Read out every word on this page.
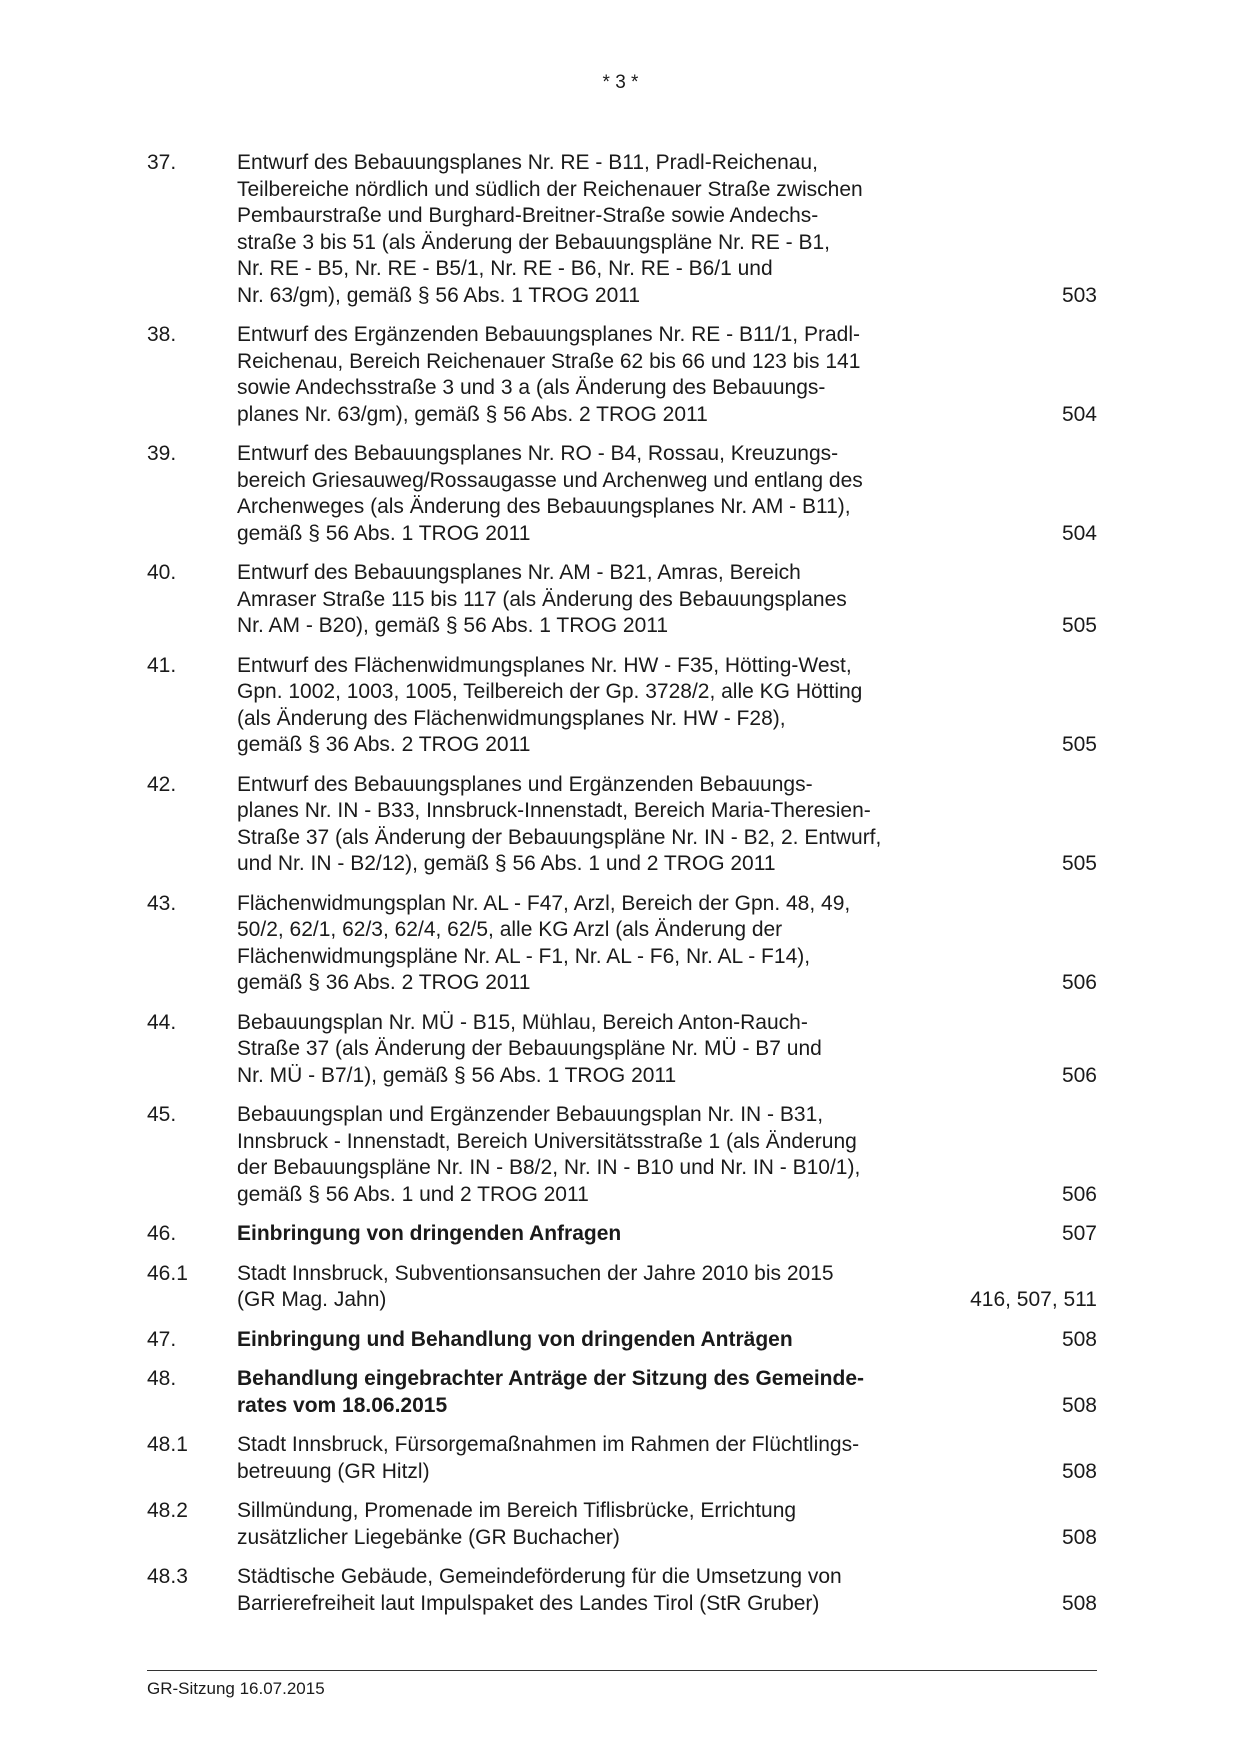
* 3 *
37.	Entwurf des Bebauungsplanes Nr. RE - B11, Pradl-Reichenau,
Teilbereiche nördlich und südlich der Reichenauer Straße zwischen
Pembaurstraße und Burghard-Breitner-Straße sowie Andechs-
straße 3 bis 51 (als Änderung der Bebauungspläne Nr. RE - B1,
Nr. RE - B5, Nr. RE - B5/1, Nr. RE - B6, Nr. RE - B6/1 und
Nr. 63/gm), gemäß § 56 Abs. 1 TROG 2011	503
38.	Entwurf des Ergänzenden Bebauungsplanes Nr. RE - B11/1, Pradl-
Reichenau, Bereich Reichenauer Straße 62 bis 66 und 123 bis 141
sowie Andechsstraße 3 und 3 a (als Änderung des Bebauungs-
planes Nr. 63/gm), gemäß § 56 Abs. 2 TROG 2011	504
39.	Entwurf des Bebauungsplanes Nr. RO - B4, Rossau, Kreuzungs-
bereich Griesauweg/Rossaugasse und Archenweg und entlang des
Archenweges (als Änderung des Bebauungsplanes Nr. AM - B11),
gemäß § 56 Abs. 1 TROG 2011	504
40.	Entwurf des Bebauungsplanes Nr. AM - B21, Amras, Bereich
Amraser Straße 115 bis 117 (als Änderung des Bebauungsplanes
Nr. AM - B20), gemäß § 56 Abs. 1 TROG 2011	505
41.	Entwurf des Flächenwidmungsplanes Nr. HW - F35, Hötting-West,
Gpn. 1002, 1003, 1005, Teilbereich der Gp. 3728/2, alle KG Hötting
(als Änderung des Flächenwidmungsplanes Nr. HW - F28),
gemäß § 36 Abs. 2 TROG 2011	505
42.	Entwurf des Bebauungsplanes und Ergänzenden Bebauungs-
planes Nr. IN - B33, Innsbruck-Innenstadt, Bereich Maria-Theresien-
Straße 37 (als Änderung der Bebauungspläne Nr. IN - B2, 2. Entwurf,
und Nr. IN - B2/12), gemäß § 56 Abs. 1 und 2 TROG 2011	505
43.	Flächenwidmungsplan Nr. AL - F47, Arzl, Bereich der Gpn. 48, 49,
50/2, 62/1, 62/3, 62/4, 62/5, alle KG Arzl (als Änderung der
Flächenwidmungspläne Nr. AL - F1, Nr. AL - F6, Nr. AL - F14),
gemäß § 36 Abs. 2 TROG 2011	506
44.	Bebauungsplan Nr. MÜ - B15, Mühlau, Bereich Anton-Rauch-
Straße 37 (als Änderung der Bebauungspläne Nr. MÜ - B7 und
Nr. MÜ - B7/1), gemäß § 56 Abs. 1 TROG 2011	506
45.	Bebauungsplan und Ergänzender Bebauungsplan Nr. IN - B31,
Innsbruck - Innenstadt, Bereich Universitätsstraße 1 (als Änderung
der Bebauungspläne Nr. IN - B8/2, Nr. IN - B10 und Nr. IN - B10/1),
gemäß § 56 Abs. 1 und 2 TROG 2011	506
46.	Einbringung von dringenden Anfragen	507
46.1	Stadt Innsbruck, Subventionsansuchen der Jahre 2010 bis 2015
(GR Mag. Jahn)	416, 507, 511
47.	Einbringung und Behandlung von dringenden Anträgen	508
48.	Behandlung eingebrachter Anträge der Sitzung des Gemeinde-
rates vom 18.06.2015	508
48.1	Stadt Innsbruck, Fürsorgemaßnahmen im Rahmen der Flüchtlings-
betreuung (GR Hitzl)	508
48.2	Sillmündung, Promenade im Bereich Tiflisbrücke, Errichtung
zusätzlicher Liegebänke (GR Buchacher)	508
48.3	Städtische Gebäude, Gemeindeförderung für die Umsetzung von
Barrierefreiheit laut Impulspaket des Landes Tirol (StR Gruber)	508
GR-Sitzung 16.07.2015
